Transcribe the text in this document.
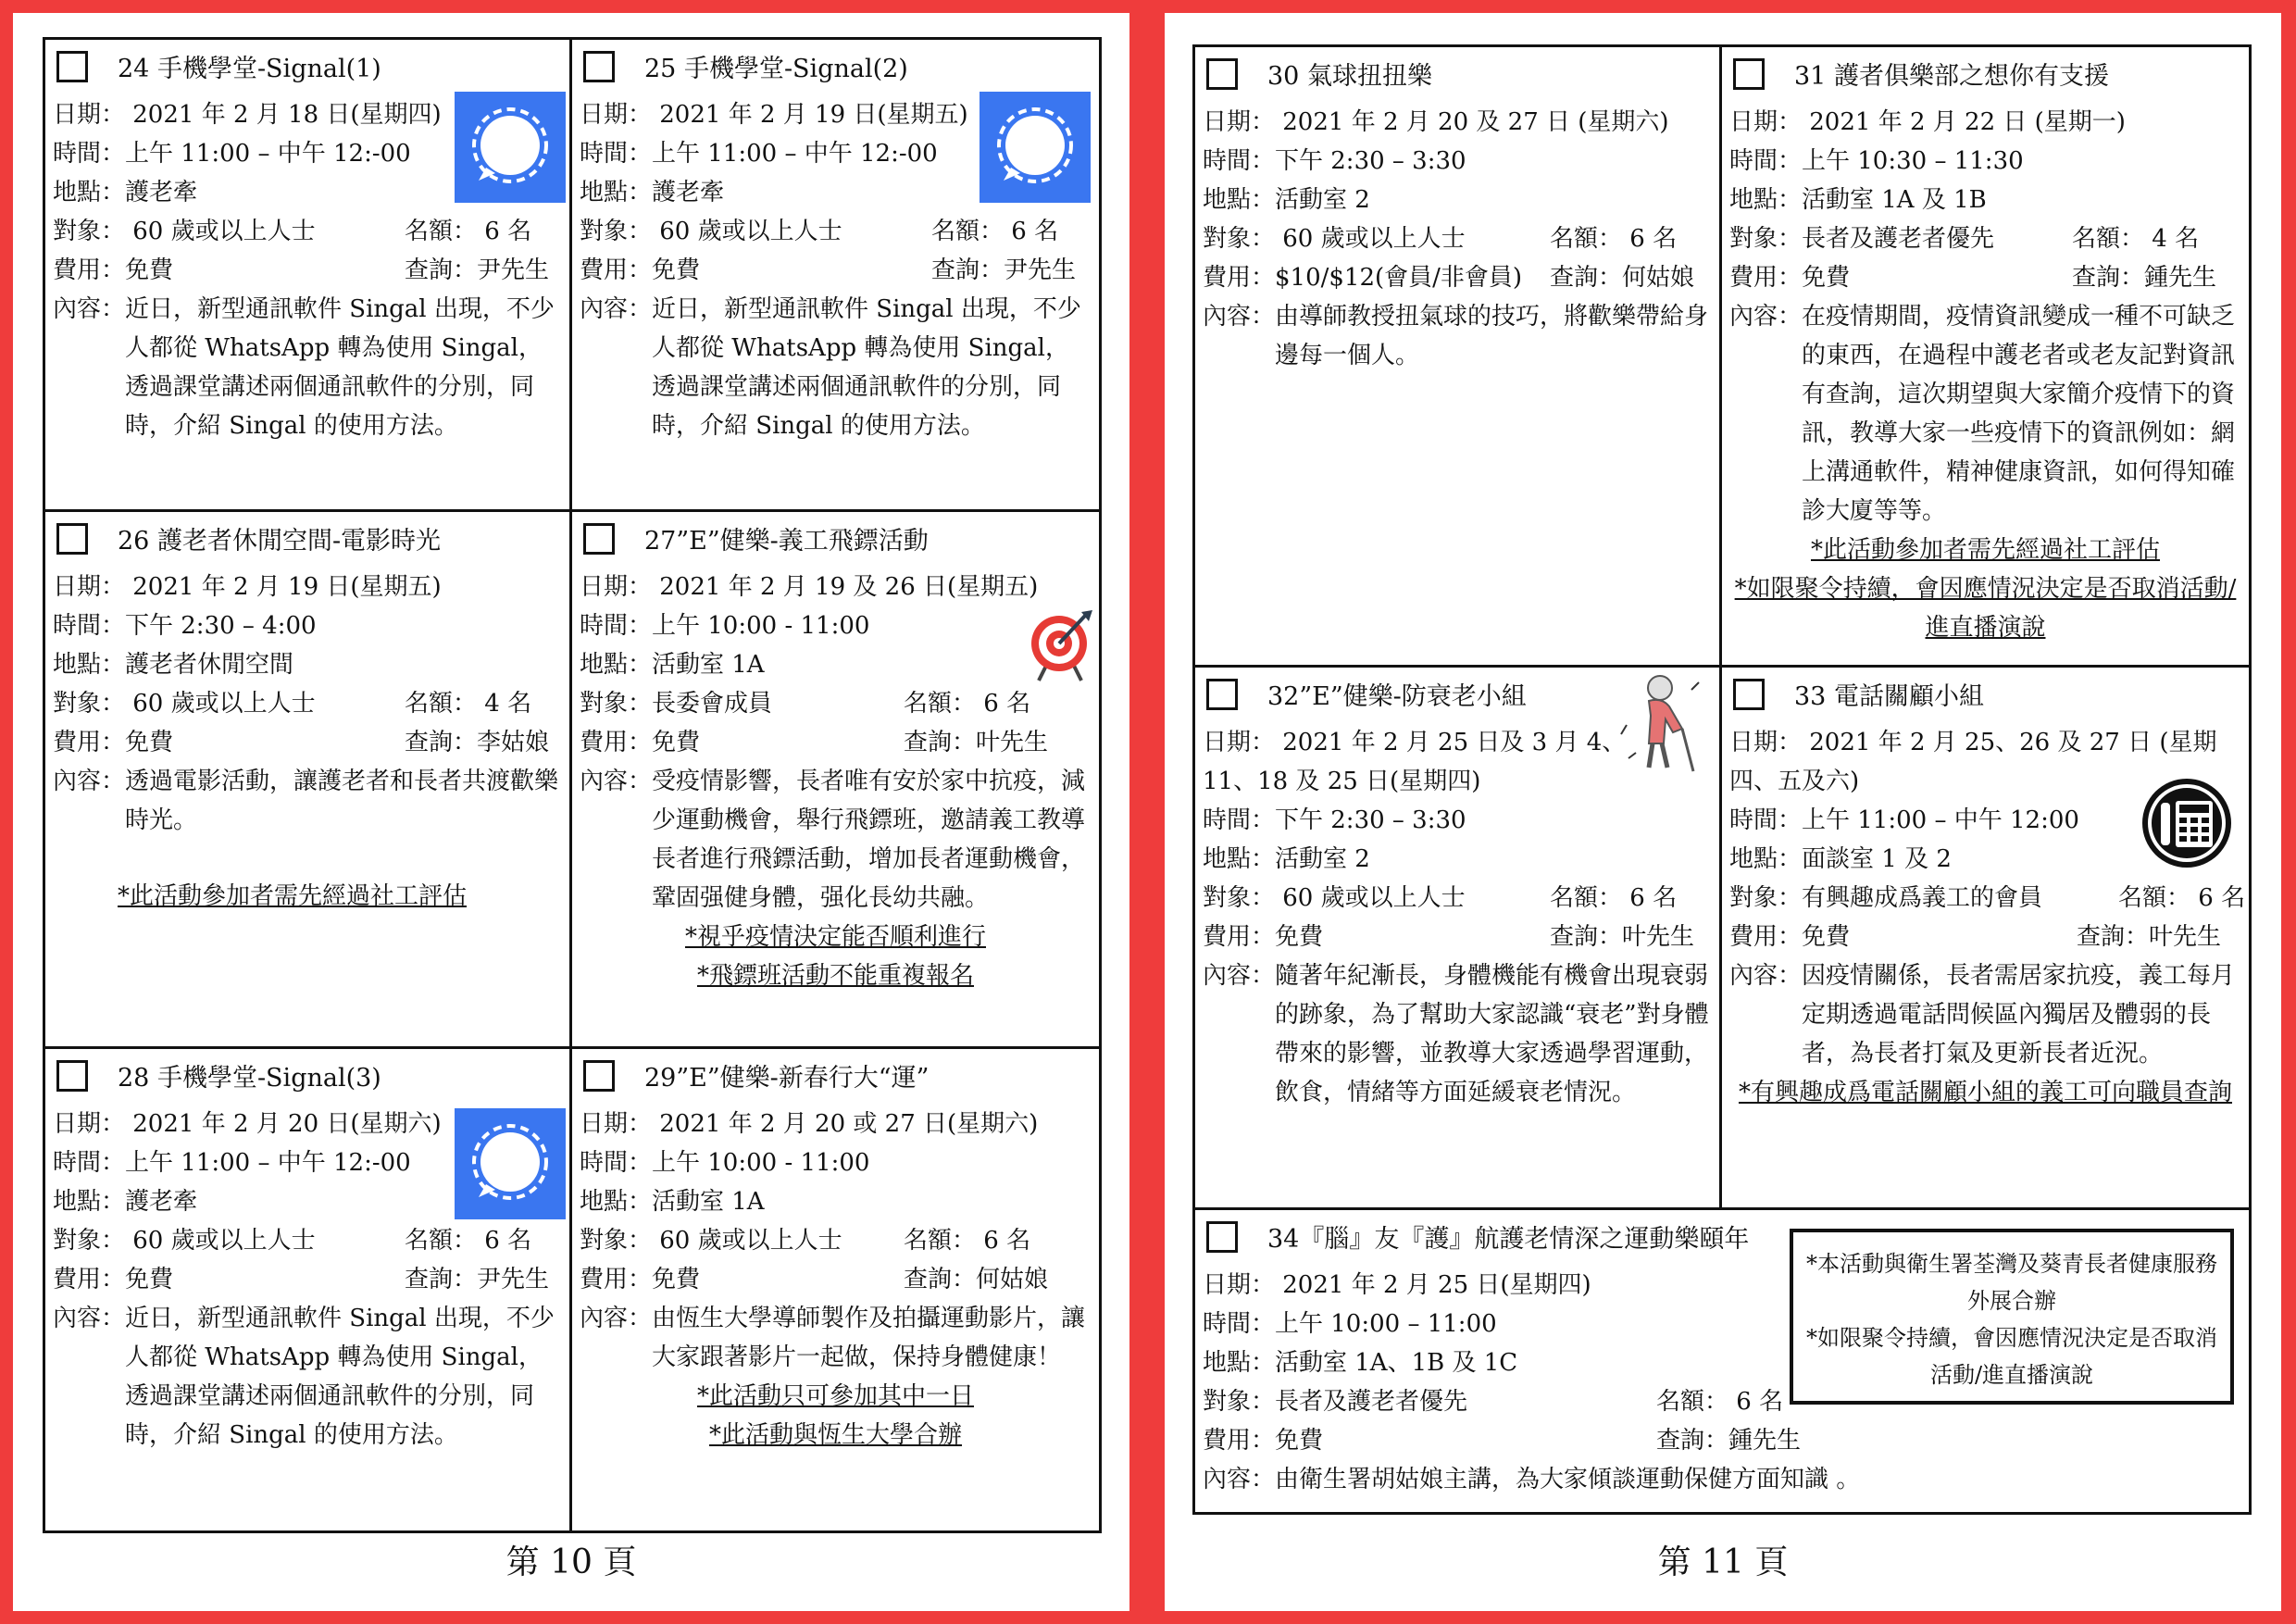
24 手機學堂-Signal(1)
日期： 2021 年 2 月 18 日(星期四)
時間：上午 11:00 – 中午 12:-00
地點：護老牽
對象： 60 歲或以上人士	名額： 6 名
費用：免費	查詢：尹先生
內容： 近日，新型通訊軟件 Singal 出現，不少人都從 WhatsApp 轉為使用 Singal，透過課堂講述兩個通訊軟件的分別，同時，介紹 Singal 的使用方法。
25 手機學堂-Signal(2)
日期： 2021 年 2 月 19 日(星期五)
時間：上午 11:00 – 中午 12:-00
地點：護老牽
對象： 60 歲或以上人士	名額： 6 名
費用：免費	查詢：尹先生
內容： 近日，新型通訊軟件 Singal 出現，不少人都從 WhatsApp 轉為使用 Singal，透過課堂講述兩個通訊軟件的分別，同時，介紹 Singal 的使用方法。
26 護老者休閒空間-電影時光
日期： 2021 年 2 月 19 日(星期五)
時間：下午 2:30 – 4:00
地點：護老者休閒空間
對象： 60 歲或以上人士	名額： 4 名
費用：免費	查詢：李姑娘
內容： 透過電影活動，讓護老者和長者共渡歡樂時光。
*此活動參加者需先經過社工評估
27”E”健樂-義工飛鏢活動
日期： 2021 年 2 月 19 及 26 日(星期五)
時間：上午 10:00 - 11:00
地點：活動室 1A
對象：長委會成員	名額： 6 名
費用：免費	查詢：叶先生
內容： 受疫情影響，長者唯有安於家中抗疫，減少運動機會，舉行飛鏢班，邀請義工教導長者進行飛鏢活動，增加長者運動機會，鞏固强健身體，强化長幼共融。
*視乎疫情決定能否順利進行
*飛鏢班活動不能重複報名
28 手機學堂-Signal(3)
日期： 2021 年 2 月 20 日(星期六)
時間：上午 11:00 – 中午 12:-00
地點：護老牽
對象： 60 歲或以上人士	名額： 6 名
費用：免費	查詢：尹先生
內容： 近日，新型通訊軟件 Singal 出現，不少人都從 WhatsApp 轉為使用 Singal，透過課堂講述兩個通訊軟件的分別，同時，介紹 Singal 的使用方法。
29”E”健樂-新春行大“運”
日期： 2021 年 2 月 20 或 27 日(星期六)
時間：上午 10:00 - 11:00
地點：活動室 1A
對象： 60 歲或以上人士	名額： 6 名
費用：免費	查詢：何姑娘
內容： 由恆生大學導師製作及拍攝運動影片，讓大家跟著影片一起做，保持身體健康！
*此活動只可參加其中一日
*此活動與恆生大學合辦
第 10 頁
30 氣球扭扭樂
日期： 2021 年 2 月 20 及 27 日 (星期六)
時間：下午 2:30 – 3:30
地點：活動室 2
對象： 60 歲或以上人士	名額： 6 名
費用：$10/$12(會員/非會員) 查詢：何姑娘
內容： 由導師教授扭氣球的技巧，將歡樂帶給身邊每一個人。
31 護者俱樂部之想你有支援
日期： 2021 年 2 月 22 日 (星期一)
時間：上午 10:30 – 11:30
地點：活動室 1A 及 1B
對象：長者及護老者優先	名額： 4 名
費用：免費	查詢：鍾先生
內容： 在疫情期間，疫情資訊變成一種不可缺乏的東西，在過程中護老者或老友記對資訊有查詢，這次期望與大家簡介疫情下的資訊，教導大家一些疫情下的資訊例如：網上溝通軟件，精神健康資訊，如何得知確診大廈等等。
*此活動參加者需先經過社工評估
*如限聚令持續，會因應情況決定是否取消活動/進直播演說
32”E”健樂-防衰老小組
日期： 2021 年 2 月 25 日及 3 月 4、11、18 及 25 日(星期四)
時間：下午 2:30 – 3:30
地點：活動室 2
對象： 60 歲或以上人士	名額： 6 名
費用：免費	查詢：叶先生
內容： 隨著年紀漸長，身體機能有機會出現衰弱的跡象，為了幫助大家認識“衰老”對身體帶來的影響，並教導大家透過學習運動，飲食，情緒等方面延緩衰老情況。
33 電話關顧小組
日期： 2021 年 2 月 25、26 及 27 日 (星期四、五及六)
時間：上午 11:00 – 中午 12:00
地點：面談室 1 及 2
對象：有興趣成爲義工的會員	名額： 6 名
費用：免費	查詢：叶先生
內容： 因疫情關係，長者需居家抗疫，義工每月定期透過電話問候區內獨居及體弱的長者，為長者打氣及更新長者近況。
*有興趣成爲電話關顧小組的義工可向職員查詢
34『腦』友『護』航護老情深之運動樂頤年
*本活動與衛生署荃灣及葵青長者健康服務外展合辦
*如限聚令持續，會因應情況決定是否取消活動/進直播演說
日期： 2021 年 2 月 25 日(星期四)
時間：上午 10:00 – 11:00
地點：活動室 1A、1B 及 1C
對象：長者及護老者優先	名額： 6 名
費用：免費	查詢：鍾先生
內容： 由衛生署胡姑娘主講，為大家傾談運動保健方面知識 。
第 11 頁
